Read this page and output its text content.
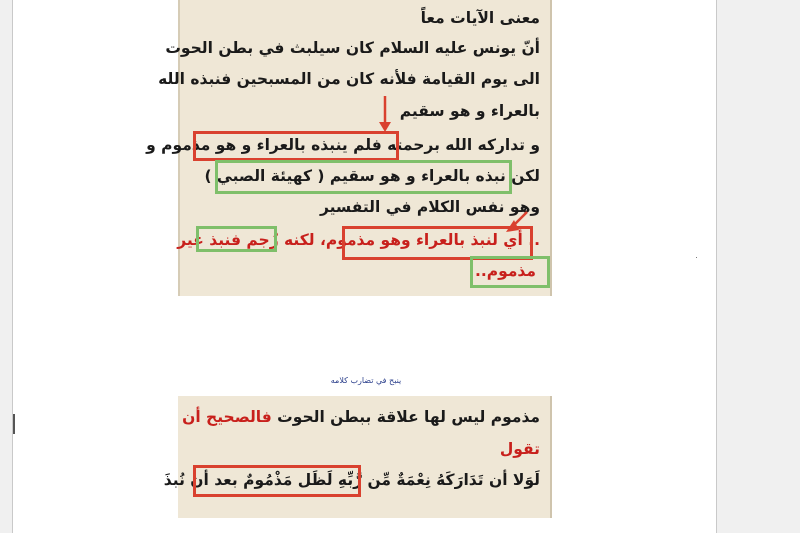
معنى الآيات معاً
أنّ يونس عليه السلام كان سيلبث في بطن الحوت
الى يوم القيامة فلأنه كان من المسبحين فنبذه الله
بالعراء و هو سقيم
و تداركه الله برحمته فلم ينبذه بالعراء و هو مذموم و
لكن نبذه بالعراء و هو سقيم ( كهيئة الصبي )
وهو نفس الكلام في التفسير
.. أي لنبذ بالعراء وهو مذموم، لكنه زُجم فنبذ غير
مذموم..
ينبح في تضارب كلامه
مذموم ليس لها علاقة ببطن الحوت فالصحيح أن
تقول
لَوَلا أن تَدَارَكَهُ نِعْمَةٌ مِّن رَّبِّهِ لَظَل مَذْمُومٌ بعد أن نُبذَ
